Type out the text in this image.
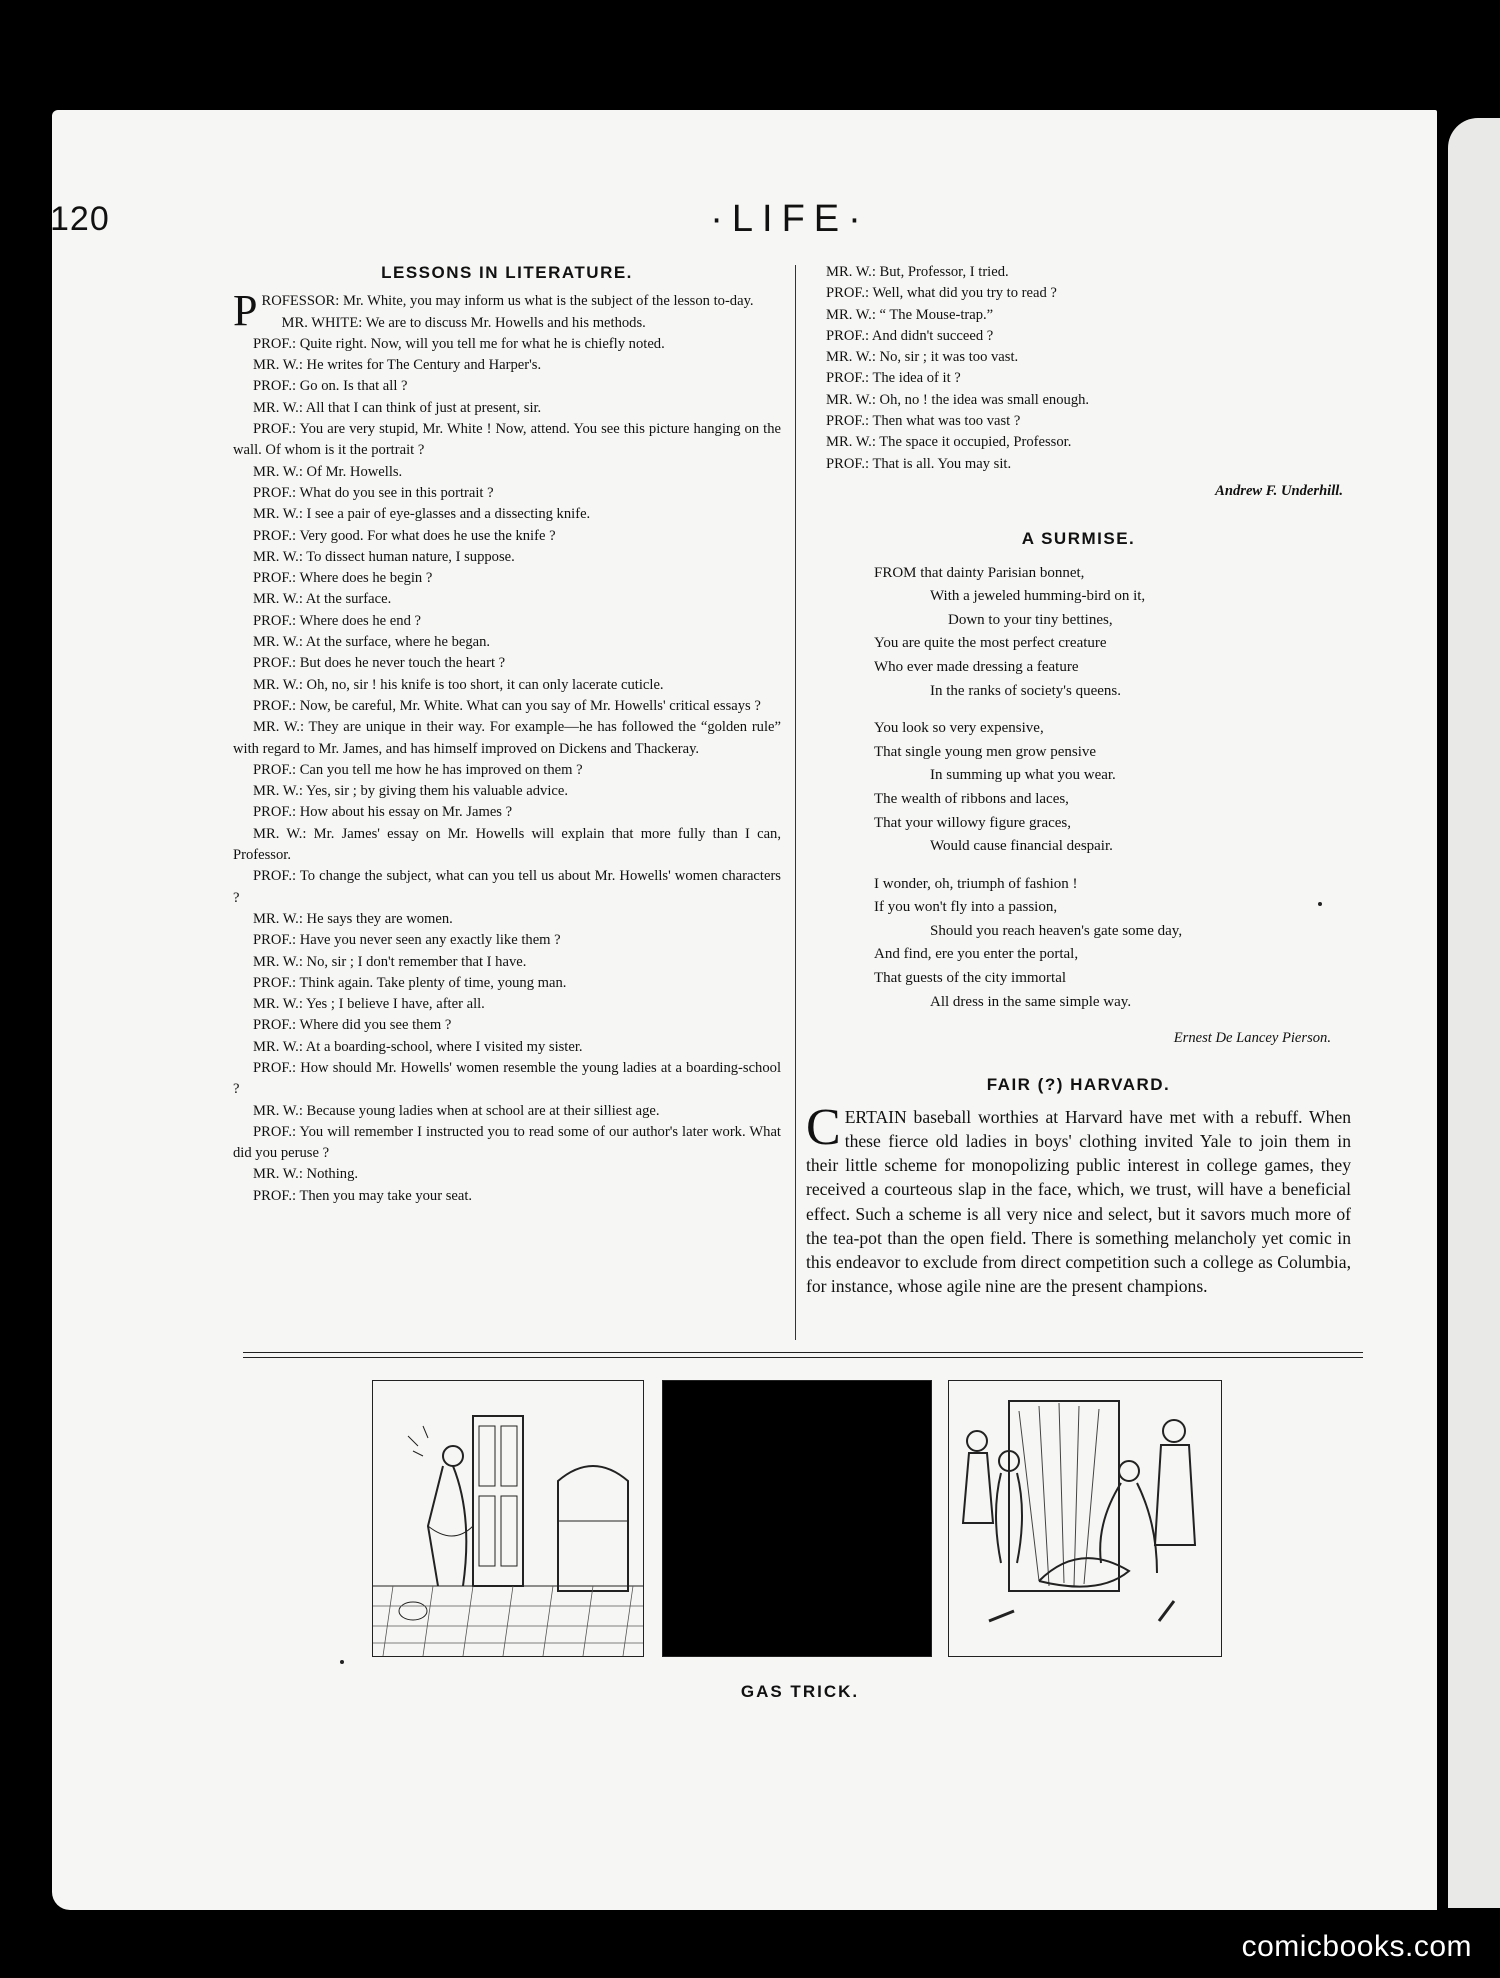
120	·LIFE·
LESSONS IN LITERATURE.

PROFESSOR: Mr. White, you may inform us what is the subject of the lesson to-day.

MR. WHITE: We are to discuss Mr. Howells and his methods.

PROF.: Quite right. Now, will you tell me for what he is chiefly noted.

MR. W.: He writes for The Century and Harper's.

PROF.: Go on. Is that all ?

MR. W.: All that I can think of just at present, sir.

PROF.: You are very stupid, Mr. White ! Now, attend. You see this picture hanging on the wall. Of whom is it the portrait ?

MR. W.: Of Mr. Howells.

PROF.: What do you see in this portrait ?

MR. W.: I see a pair of eye-glasses and a dissecting knife.

PROF.: Very good. For what does he use the knife ?

MR. W.: To dissect human nature, I suppose.

PROF.: Where does he begin ?

MR. W.: At the surface.

PROF.: Where does he end ?

MR. W.: At the surface, where he began.

PROF.: But does he never touch the heart ?

MR. W.: Oh, no, sir ! his knife is too short, it can only lacerate cuticle.

PROF.: Now, be careful, Mr. White. What can you say of Mr. Howells' critical essays ?

MR. W.: They are unique in their way. For example—he has followed the “golden rule” with regard to Mr. James, and has himself improved on Dickens and Thackeray.

PROF.: Can you tell me how he has improved on them ?

MR. W.: Yes, sir ; by giving them his valuable advice.

PROF.: How about his essay on Mr. James ?

MR. W.: Mr. James' essay on Mr. Howells will explain that more fully than I can, Professor.

PROF.: To change the subject, what can you tell us about Mr. Howells' women characters ?

MR. W.: He says they are women.

PROF.: Have you never seen any exactly like them ?

MR. W.: No, sir ; I don't remember that I have.

PROF.: Think again. Take plenty of time, young man.

MR. W.: Yes ; I believe I have, after all.

PROF.: Where did you see them ?

MR. W.: At a boarding-school, where I visited my sister.

PROF.: How should Mr. Howells' women resemble the young ladies at a boarding-school ?

MR. W.: Because young ladies when at school are at their silliest age.

PROF.: You will remember I instructed you to read some of our author's later work. What did you peruse ?

MR. W.: Nothing.

PROF.: Then you may take your seat.

MR. W.: But, Professor, I tried.

PROF.: Well, what did you try to read ?

MR. W.: “ The Mouse-trap.”

PROF.: And didn't succeed ?

MR. W.: No, sir ; it was too vast.

PROF.: The idea of it ?

MR. W.: Oh, no ! the idea was small enough.

PROF.: Then what was too vast ?

MR. W.: The space it occupied, Professor.

PROF.: That is all. You may sit.

Andrew F. Underhill.
A SURMISE.
FROM that dainty Parisian bonnet,
With a jeweled humming-bird on it,
Down to your tiny bettines,
You are quite the most perfect creature
Who ever made dressing a feature
In the ranks of society's queens.
You look so very expensive,
That single young men grow pensive
In summing up what you wear.
The wealth of ribbons and laces,
That your willowy figure graces,
Would cause financial despair.
I wonder, oh, triumph of fashion !
If you won't fly into a passion,
Should you reach heaven's gate some day,
And find, ere you enter the portal,
That guests of the city immortal
All dress in the same simple way.
Ernest De Lancey Pierson.
FAIR (?) HARVARD.
CERTAIN baseball worthies at Harvard have met with a rebuff. When these fierce old ladies in boys' clothing invited Yale to join them in their little scheme for monopolizing public interest in college games, they received a courteous slap in the face, which, we trust, will have a beneficial effect. Such a scheme is all very nice and select, but it savors much more of the tea-pot than the open field. There is something melancholy yet comic in this endeavor to exclude from direct competition such a college as Columbia, for instance, whose agile nine are the present champions.
GAS TRICK.
comicbooks.com
